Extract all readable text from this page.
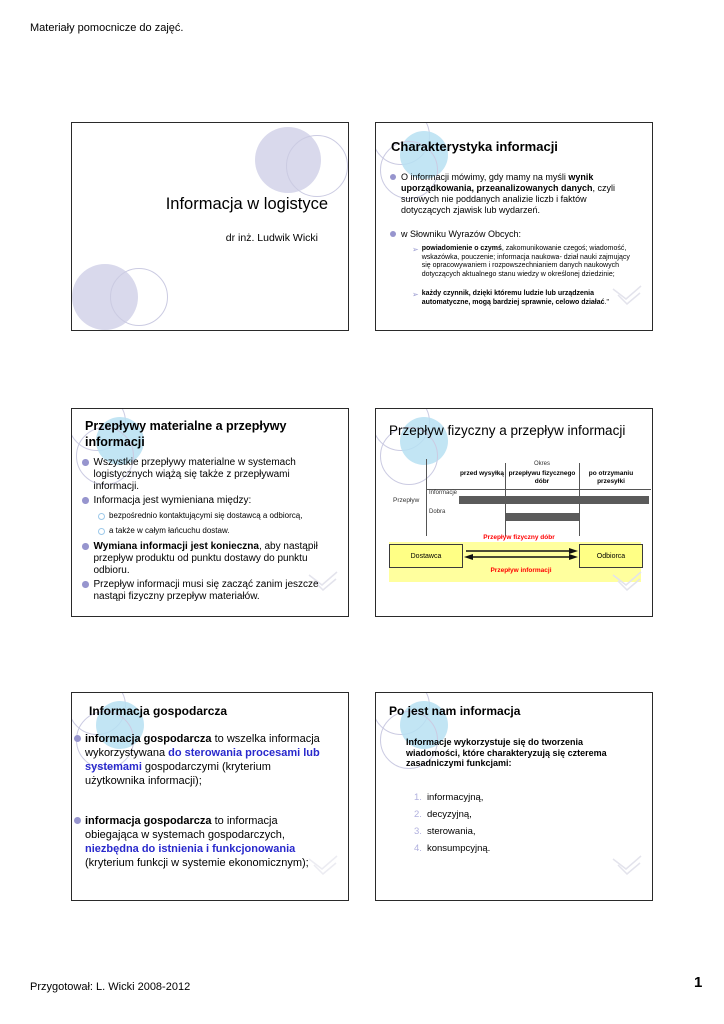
Materiały pomocnicze do zajęć.
Informacja w logistyce
dr inż. Ludwik Wicki
Charakterystyka informacji
O informacji mówimy, gdy mamy na myśli wynik uporządkowania, przeanalizowanych danych, czyli surowych nie poddanych analizie liczb i faktów dotyczących zjawisk lub wydarzeń.
w Słowniku Wyrazów Obcych:
➢ powiadomienie o czymś, zakomunikowanie czegoś; wiadomość, wskazówka, pouczenie; informacja naukowa- dział nauki zajmujący się opracowywaniem i rozpowszechnianiem danych naukowych dotyczących aktualnego stanu wiedzy w określonej dziedzinie;
➢ każdy czynnik, dzięki któremu ludzie lub urządzenia automatyczne, mogą bardziej sprawnie, celowo działać."
Przepływy materialne a przepływy informacji
Wszystkie przepływy materialne w systemach logistycznych wiążą się także z przepływami informacji.
Informacja jest wymieniana między:
bezpośrednio kontaktującymi się dostawcą a odbiorcą,
a także w całym łańcuchu dostaw.
Wymiana informacji jest konieczna, aby nastąpił przepływ produktu od punktu dostawy do punktu odbioru.
Przepływ informacji musi się zacząć zanim jeszcze nastąpi fizyczny przepływ materiałów.
Przepływ fizyczny a przepływ informacji
Okres
przed wysyłką przepływu fizycznego dóbr
po otrzymaniu przesyłki
Przepływ
Informacje
Dobra
Przepływ fizyczny dóbr
Dostawca	Odbiorca
Przepływ informacji
Informacja gospodarcza
informacja gospodarcza to wszelka informacja wykorzystywana do sterowania procesami lub systemami gospodarczymi (kryterium użytkownika informacji);
informacja gospodarcza to informacja obiegająca w systemach gospodarczych, niezbędna do istnienia i funkcjonowania (kryterium funkcji w systemie ekonomicznym);
Po jest nam informacja
Informacje wykorzystuje się do tworzenia wiadomości, które charakteryzują się czterema zasadniczymi funkcjami:
1. informacyjną,
2. decyzyjną,
3. sterowania,
4. konsumpcyjną.
Przygotował: L. Wicki 2008-2012	1
